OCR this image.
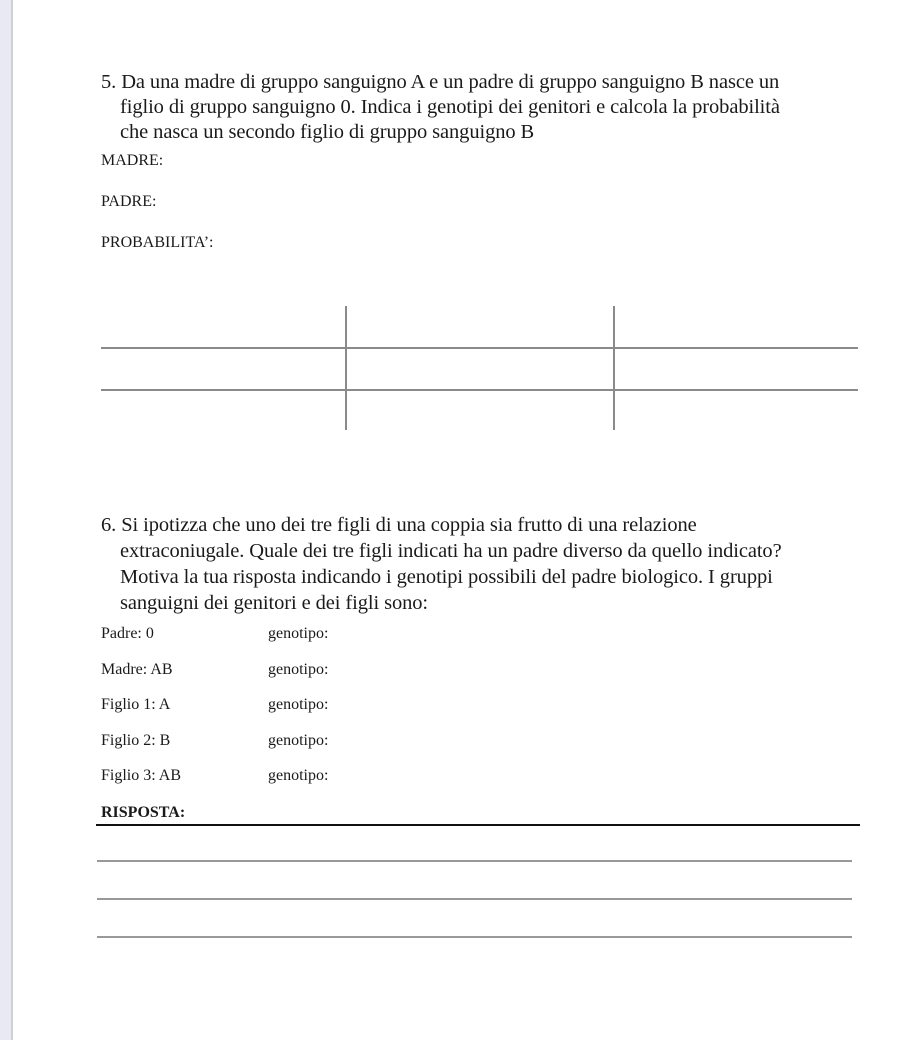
5. Da una madre di gruppo sanguigno A e un padre di gruppo sanguigno B nasce un
figlio di gruppo sanguigno 0. Indica i genotipi dei genitori e calcola la probabilità
che nasca un secondo figlio di gruppo sanguigno B
MADRE:
PADRE:
PROBABILITA’:
6. Si ipotizza che uno dei tre figli di una coppia sia frutto di una relazione
extraconiugale. Quale dei tre figli indicati ha un padre diverso da quello indicato?
Motiva la tua risposta indicando i genotipi possibili del padre biologico. I gruppi
sanguigni dei genitori e dei figli sono:
Padre: 0	genotipo:
Madre: AB	genotipo:
Figlio 1: A	genotipo:
Figlio 2: B	genotipo:
Figlio 3: AB	genotipo:
RISPOSTA:
